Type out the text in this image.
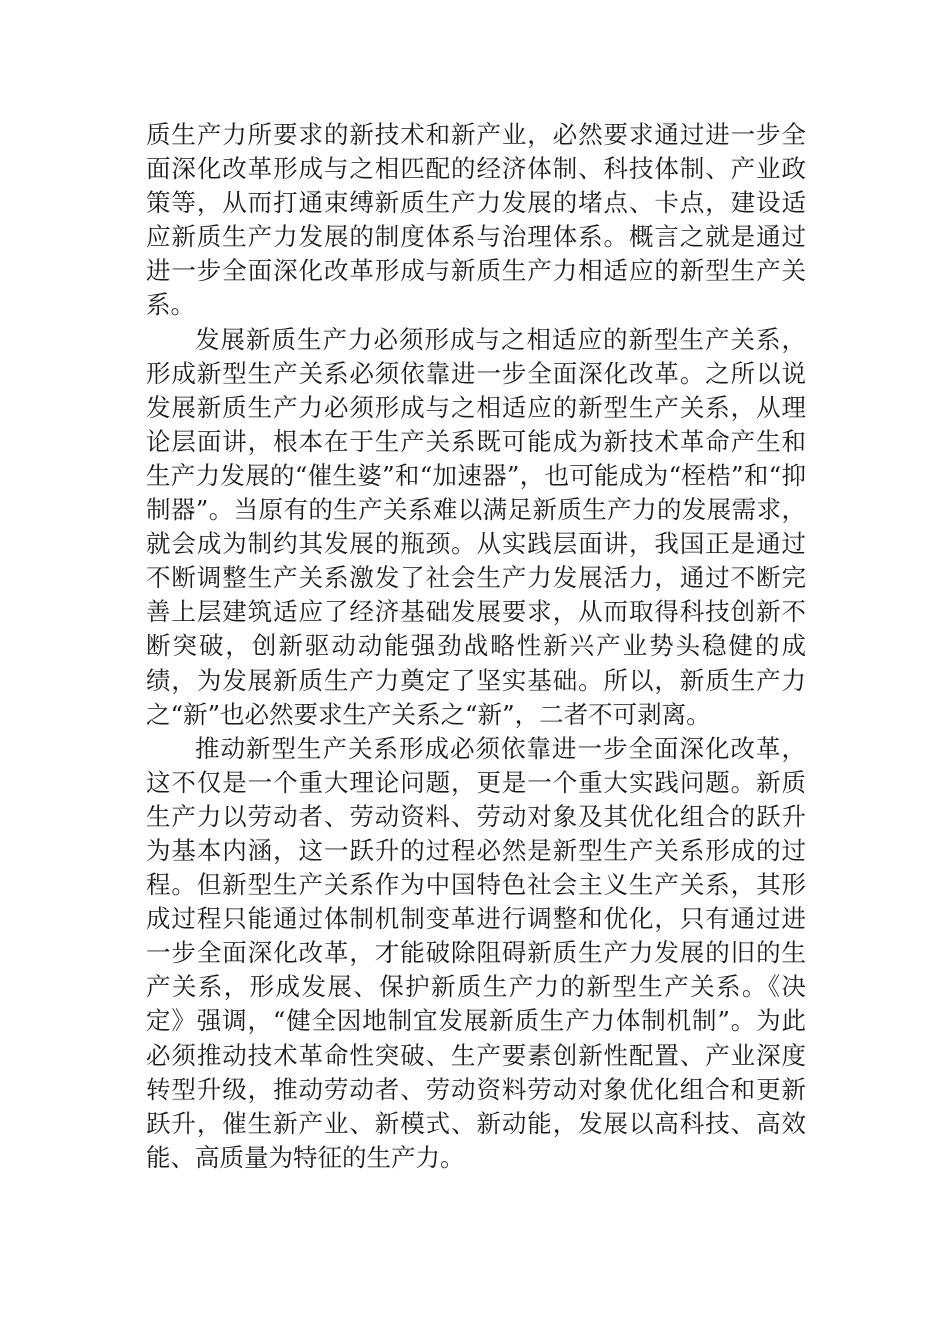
质生产力所要求的新技术和新产业，必然要求通过进一步全面深化改革形成与之相匹配的经济体制、科技体制、产业政策等，从而打通束缚新质生产力发展的堵点、卡点，建设适应新质生产力发展的制度体系与治理体系。概言之就是通过进一步全面深化改革形成与新质生产力相适应的新型生产关系。

发展新质生产力必须形成与之相适应的新型生产关系，形成新型生产关系必须依靠进一步全面深化改革。之所以说发展新质生产力必须形成与之相适应的新型生产关系，从理论层面讲，根本在于生产关系既可能成为新技术革命产生和生产力发展的“催生婆”和“加速器”，也可能成为“桎梏”和“抑制器”。当原有的生产关系难以满足新质生产力的发展需求，就会成为制约其发展的瓶颈。从实践层面讲，我国正是通过不断调整生产关系激发了社会生产力发展活力，通过不断完善上层建筑适应了经济基础发展要求，从而取得科技创新不断突破，创新驱动动能强劲战略性新兴产业势头稳健的成绩，为发展新质生产力奠定了坚实基础。所以，新质生产力之“新”也必然要求生产关系之“新”，二者不可剥离。

推动新型生产关系形成必须依靠进一步全面深化改革，这不仅是一个重大理论问题，更是一个重大实践问题。新质生产力以劳动者、劳动资料、劳动对象及其优化组合的跃升为基本内涵，这一跃升的过程必然是新型生产关系形成的过程。但新型生产关系作为中国特色社会主义生产关系，其形成过程只能通过体制机制变革进行调整和优化，只有通过进一步全面深化改革，才能破除阻碍新质生产力发展的旧的生产关系，形成发展、保护新质生产力的新型生产关系。《决定》强调，“健全因地制宜发展新质生产力体制机制”。为此必须推动技术革命性突破、生产要素创新性配置、产业深度转型升级，推动劳动者、劳动资料劳动对象优化组合和更新跃升，催生新产业、新模式、新动能，发展以高科技、高效能、高质量为特征的生产力。
